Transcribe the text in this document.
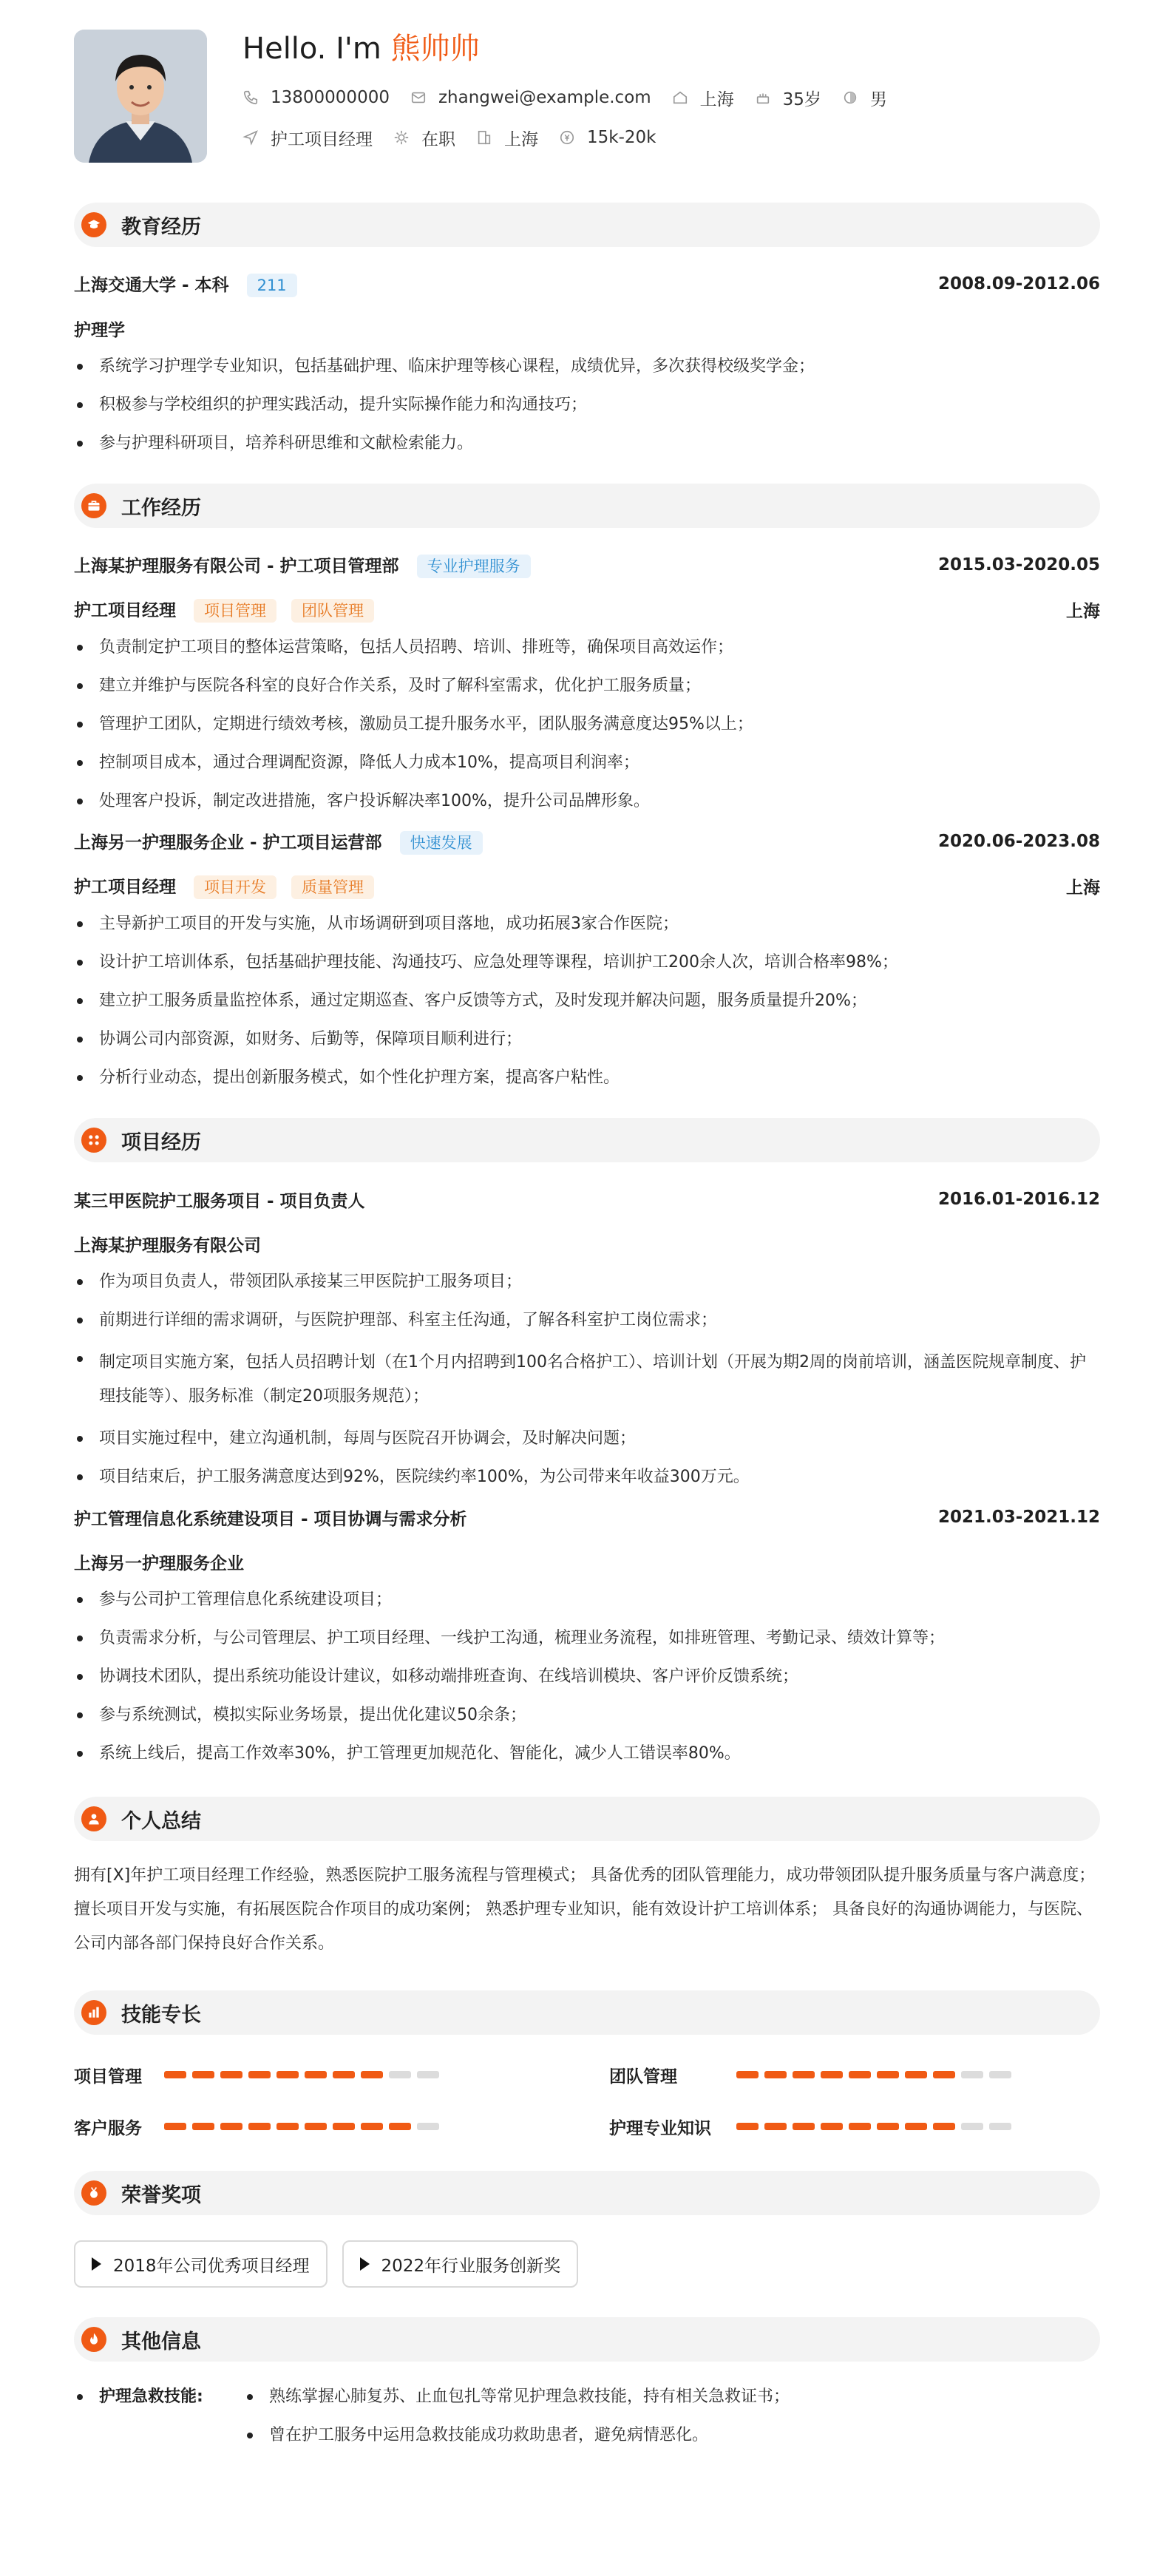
Hello. I'm 熊帅帅
13800000000	zhangwei@example.com	上海	35岁	男
护工项目经理	在职	上海	15k-20k
教育经历
上海交通大学 - 本科 211	2008.09-2012.06
护理学
系统学习护理学专业知识，包括基础护理、临床护理等核心课程，成绩优异，多次获得校级奖学金；
积极参与学校组织的护理实践活动，提升实际操作能力和沟通技巧；
参与护理科研项目，培养科研思维和文献检索能力。
工作经历
上海某护理服务有限公司 - 护工项目管理部 专业护理服务	2015.03-2020.05
护工项目经理 项目管理 团队管理	上海
负责制定护工项目的整体运营策略，包括人员招聘、培训、排班等，确保项目高效运作；
建立并维护与医院各科室的良好合作关系，及时了解科室需求，优化护工服务质量；
管理护工团队，定期进行绩效考核，激励员工提升服务水平，团队服务满意度达95%以上；
控制项目成本，通过合理调配资源，降低人力成本10%，提高项目利润率；
处理客户投诉，制定改进措施，客户投诉解决率100%，提升公司品牌形象。
上海另一护理服务企业 - 护工项目运营部 快速发展	2020.06-2023.08
护工项目经理 项目开发 质量管理	上海
主导新护工项目的开发与实施，从市场调研到项目落地，成功拓展3家合作医院；
设计护工培训体系，包括基础护理技能、沟通技巧、应急处理等课程，培训护工200余人次，培训合格率98%；
建立护工服务质量监控体系，通过定期巡查、客户反馈等方式，及时发现并解决问题，服务质量提升20%；
协调公司内部资源，如财务、后勤等，保障项目顺利进行；
分析行业动态，提出创新服务模式，如个性化护理方案，提高客户粘性。
项目经历
某三甲医院护工服务项目 - 项目负责人	2016.01-2016.12
上海某护理服务有限公司
作为项目负责人，带领团队承接某三甲医院护工服务项目；
前期进行详细的需求调研，与医院护理部、科室主任沟通，了解各科室护工岗位需求；
制定项目实施方案，包括人员招聘计划（在1个月内招聘到100名合格护工）、培训计划（开展为期2周的岗前培训，涵盖医院规章制度、护理技能等）、服务标准（制定20项服务规范）；
项目实施过程中，建立沟通机制，每周与医院召开协调会，及时解决问题；
项目结束后，护工服务满意度达到92%，医院续约率100%，为公司带来年收益300万元。
护工管理信息化系统建设项目 - 项目协调与需求分析	2021.03-2021.12
上海另一护理服务企业
参与公司护工管理信息化系统建设项目；
负责需求分析，与公司管理层、护工项目经理、一线护工沟通，梳理业务流程，如排班管理、考勤记录、绩效计算等；
协调技术团队，提出系统功能设计建议，如移动端排班查询、在线培训模块、客户评价反馈系统；
参与系统测试，模拟实际业务场景，提出优化建议50余条；
系统上线后，提高工作效率30%，护工管理更加规范化、智能化，减少人工错误率80%。
个人总结

拥有[X]年护工项目经理工作经验，熟悉医院护工服务流程与管理模式； 具备优秀的团队管理能力，成功带领团队提升服务质量与客户满意度； 擅长项目开发与实施，有拓展医院合作项目的成功案例； 熟悉护理专业知识，能有效设计护工培训体系； 具备良好的沟通协调能力，与医院、公司内部各部门保持良好合作关系。

技能专长
项目管理	团队管理
客户服务	护理专业知识
荣誉奖项
2018年公司优秀项目经理	2022年行业服务创新奖
其他信息
护理急救技能:	熟练掌握心肺复苏、止血包扎等常见护理急救技能，持有相关急救证书；
曾在护工服务中运用急救技能成功救助患者，避免病情恶化。
